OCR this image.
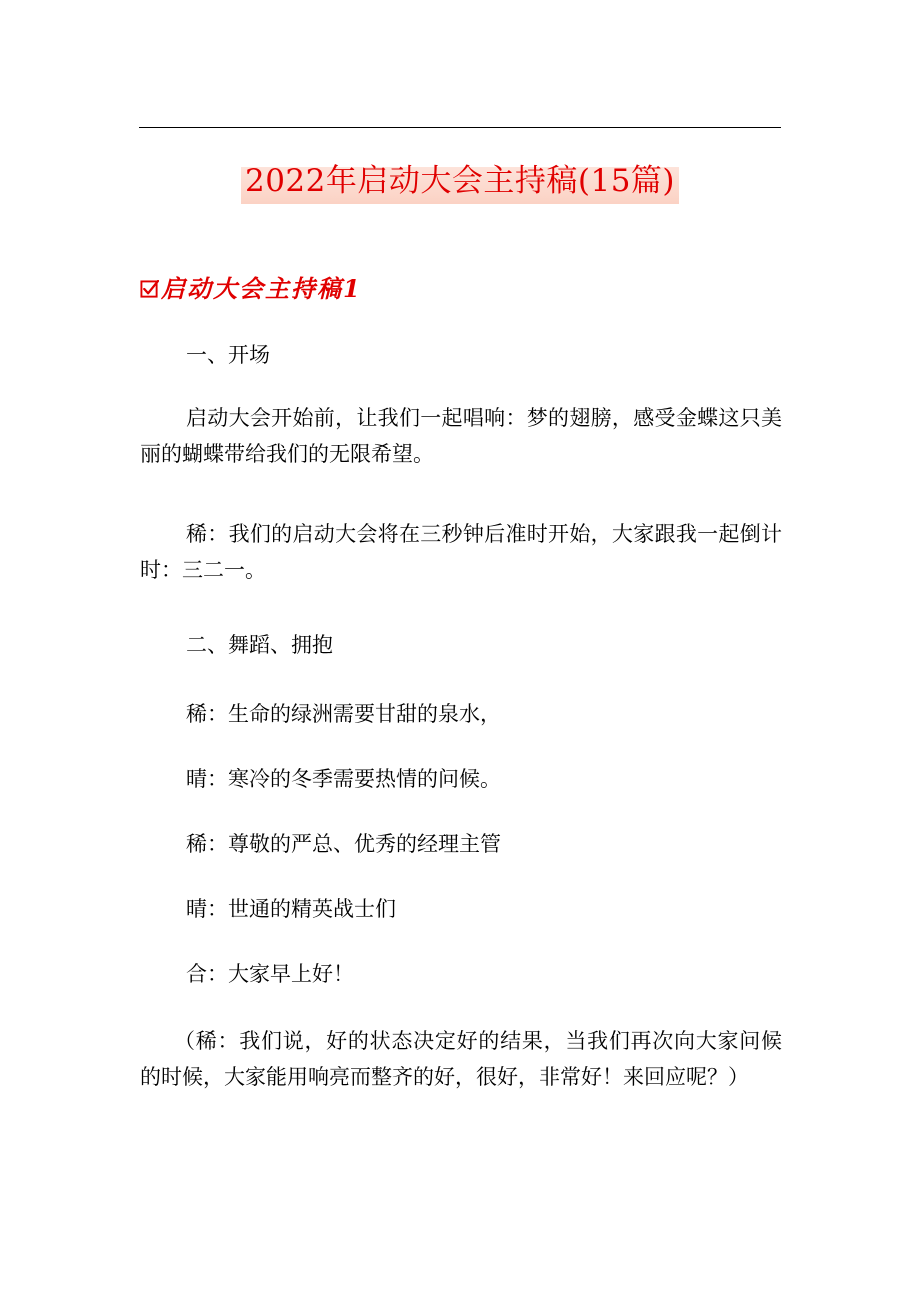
2022年启动大会主持稿(15篇)
启动大会主持稿1

一、开场

启动大会开始前，让我们一起唱响：梦的翅膀，感受金蝶这只美丽的蝴蝶带给我们的无限希望。

稀：我们的启动大会将在三秒钟后准时开始，大家跟我一起倒计时：三二一。

二、舞蹈、拥抱

稀：生命的绿洲需要甘甜的泉水，

晴：寒冷的冬季需要热情的问候。

稀：尊敬的严总、优秀的经理主管

晴：世通的精英战士们

合：大家早上好！

（稀：我们说，好的状态决定好的结果，当我们再次向大家问候的时候，大家能用响亮而整齐的好，很好，非常好！来回应呢？）
